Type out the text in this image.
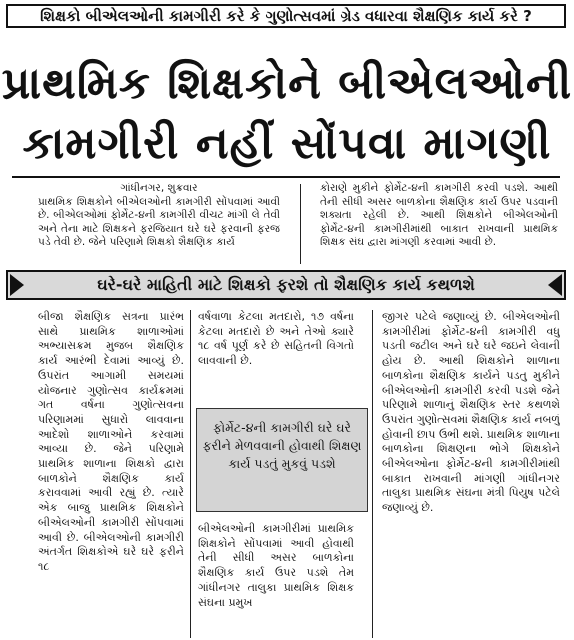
શિક્ષકો બીએલઓની કામગીરી કરે કે ગુણોત્સવમાં ગ્રેડ વધારવા શૈક્ષણિક કાર્ય કરે ?
પ્રાથમિક શિક્ષકોને બીએલઓની
કામગીરી નહીં સોંપવા માગણી
ગાંધીનગર, શુક્રવાર
પ્રાથમિક શિક્ષકોને બીએલઓની કામગીરી સોંપવામાં આવી છે. બીએલઓમાં ફોર્મેટ-૪ની કામગીરી વીચટ માંગી લે તેવી અને તેના માટે શિક્ષકને ફરજિયાત ઘરે ઘરે ફરવાની ફરજ પડે તેવી છે. જેને પરિણામે શિક્ષકો શૈક્ષણિક કાર્ય
કોરાણે મુકીને ફોર્મેટ-૪ની કામગીરી કરવી પડશે. આથી તેની સીધી અસર બાળકોના શૈક્ષણિક કાર્ય ઉપર પડવાની શક્યતા રહેલી છે. આથી શિક્ષકોને બીએલઓની ફોર્મેટ-૪ની કામગીરીમાંથી બાકાત રાખવાની પ્રાથમિક શિક્ષક સંઘ દ્વારા માંગણી કરવામાં આવી છે.
ઘરે-ઘરે માહિતી માટે શિક્ષકો ફરશે તો શૈક્ષણિક કાર્ય કથળશે
બીજા શૈક્ષણિક સત્રના પ્રારંભ સાથે પ્રાથમિક શાળાઓમાં અભ્યાસક્રમ મુજબ શૈક્ષણિક કાર્ય આરંભી દેવામાં આવ્યું છે. ઉપરાંત આગામી સમયમાં યોજનાર ગુણોત્સવ કાર્યક્રમમાં ગત વર્ષના ગુણોત્સવના પરિણામમાં સુધારો લાવવાના આદેશો શાળાઓને કરવામાં આવ્યા છે. જેને પરિણામે પ્રાથમિક શાળાના શિક્ષકો દ્વારા બાળકોને શૈક્ષણિક કાર્ય કરાવવામાં આવી રહ્યું છે. ત્યારે એક બાજુ પ્રાથમિક શિક્ષકોને બીએલઓની કામગીરી સોંપવામાં આવી છે. બીએલઓની કામગીરી અંતર્ગત શિક્ષકોએ ઘરે ઘરે ફરીને ૧૮
વર્ષવાળા કેટલા મતદારો, ૧૭ વર્ષના કેટલા મતદારો છે અને તેઓ ક્યારે ૧૮ વર્ષ પૂર્ણ કરે છે સહિતની વિગતો લાવવાની છે.
ફોર્મેટ-૪ની કામગીરી ઘરે ઘરે ફરીને મેળવવાની હોવાથી શિક્ષણ કાર્ય પડતું મુકવું પડશે
બીએલઓની કામગીરીમાં પ્રાથમિક શિક્ષકોને સોંપવામાં આવી હોવાથી તેની સીધી અસર બાળકોના શૈક્ષણિક કાર્ય ઉપર પડશે તેમ ગાંધીનગર તાલુકા પ્રાથમિક શિક્ષક સંઘના પ્રમુખ
જીગર પટેલે જણાવ્યું છે. બીએલઓની કામગીરીમાં ફોર્મેટ-૪ની કામગીરી વધુ પડતી જટીલ અને ઘરે ઘરે જઇને લેવાની હોય છે. આથી શિક્ષકોને શાળાના બાળકોના શૈક્ષણિક કાર્યને પડતુ મુકીને બીએલઓની કામગીરી કરવી પડશે જેને પરિણામે શાળાનું શૈક્ષણિક સ્તર કથળશે ઉપરાંત ગુણોત્સવમાં શૈક્ષણિક કાર્ય નબળું હોવાની છાપ ઉભી થશે. પ્રાથમિક શાળાના બાળકોના શિક્ષણના ભોગે શિક્ષકોને બીએલઓના ફોર્મેટ-૪ની કામગીરીમાંથી બાકાત રાખવાની માંગણી ગાંધીનગર તાલુકા પ્રાથમિક સંઘના મંત્રી પિયુષ પટેલે જણાવ્યું છે.
